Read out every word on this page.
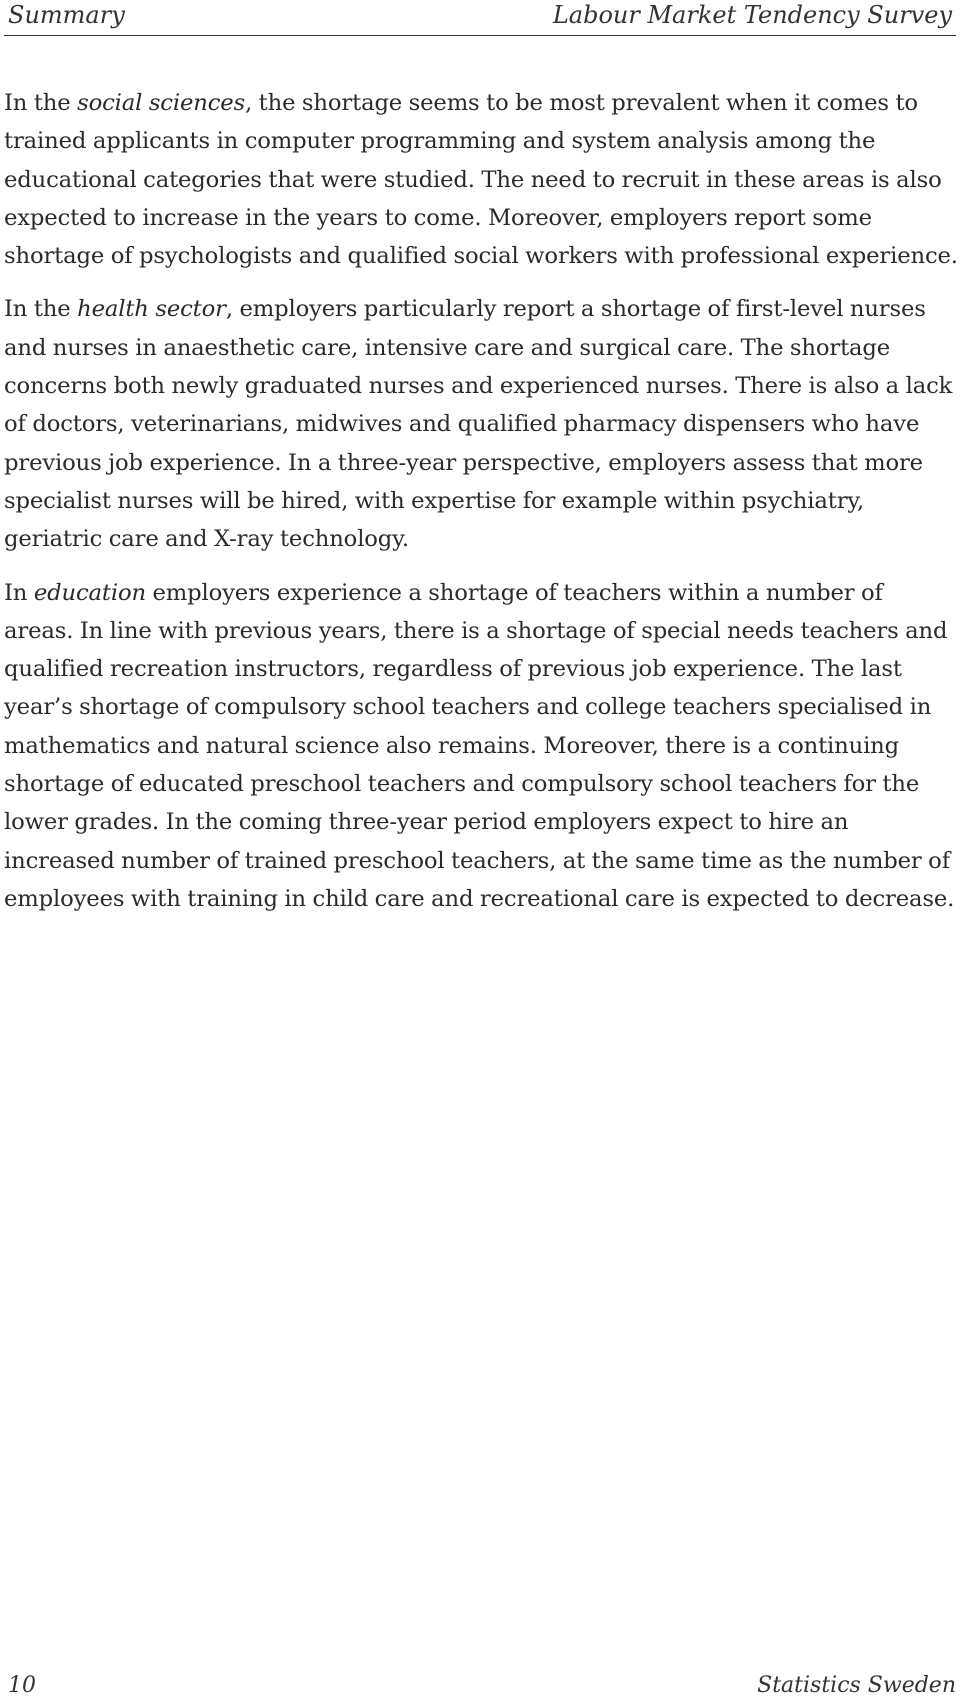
Summary	Labour Market Tendency Survey

In the social sciences, the shortage seems to be most prevalent when it comes to trained applicants in computer programming and system analysis among the educational categories that were studied. The need to recruit in these areas is also expected to increase in the years to come. Moreover, employers report some shortage of psychologists and qualified social workers with professional experience.

In the health sector, employers particularly report a shortage of first-level nurses and nurses in anaesthetic care, intensive care and surgical care. The shortage concerns both newly graduated nurses and experienced nurses. There is also a lack of doctors, veterinarians, midwives and qualified pharmacy dispensers who have previous job experience. In a three-year perspective, employers assess that more specialist nurses will be hired, with expertise for example within psychiatry, geriatric care and X-ray technology.

In education employers experience a shortage of teachers within a number of areas. In line with previous years, there is a shortage of special needs teachers and qualified recreation instructors, regardless of previous job experience. The last year’s shortage of compulsory school teachers and college teachers specialised in mathematics and natural science also remains. Moreover, there is a continuing shortage of educated preschool teachers and compulsory school teachers for the lower grades. In the coming three-year period employers expect to hire an increased number of trained preschool teachers, at the same time as the number of employees with training in child care and recreational care is expected to decrease.

10	Statistics Sweden
